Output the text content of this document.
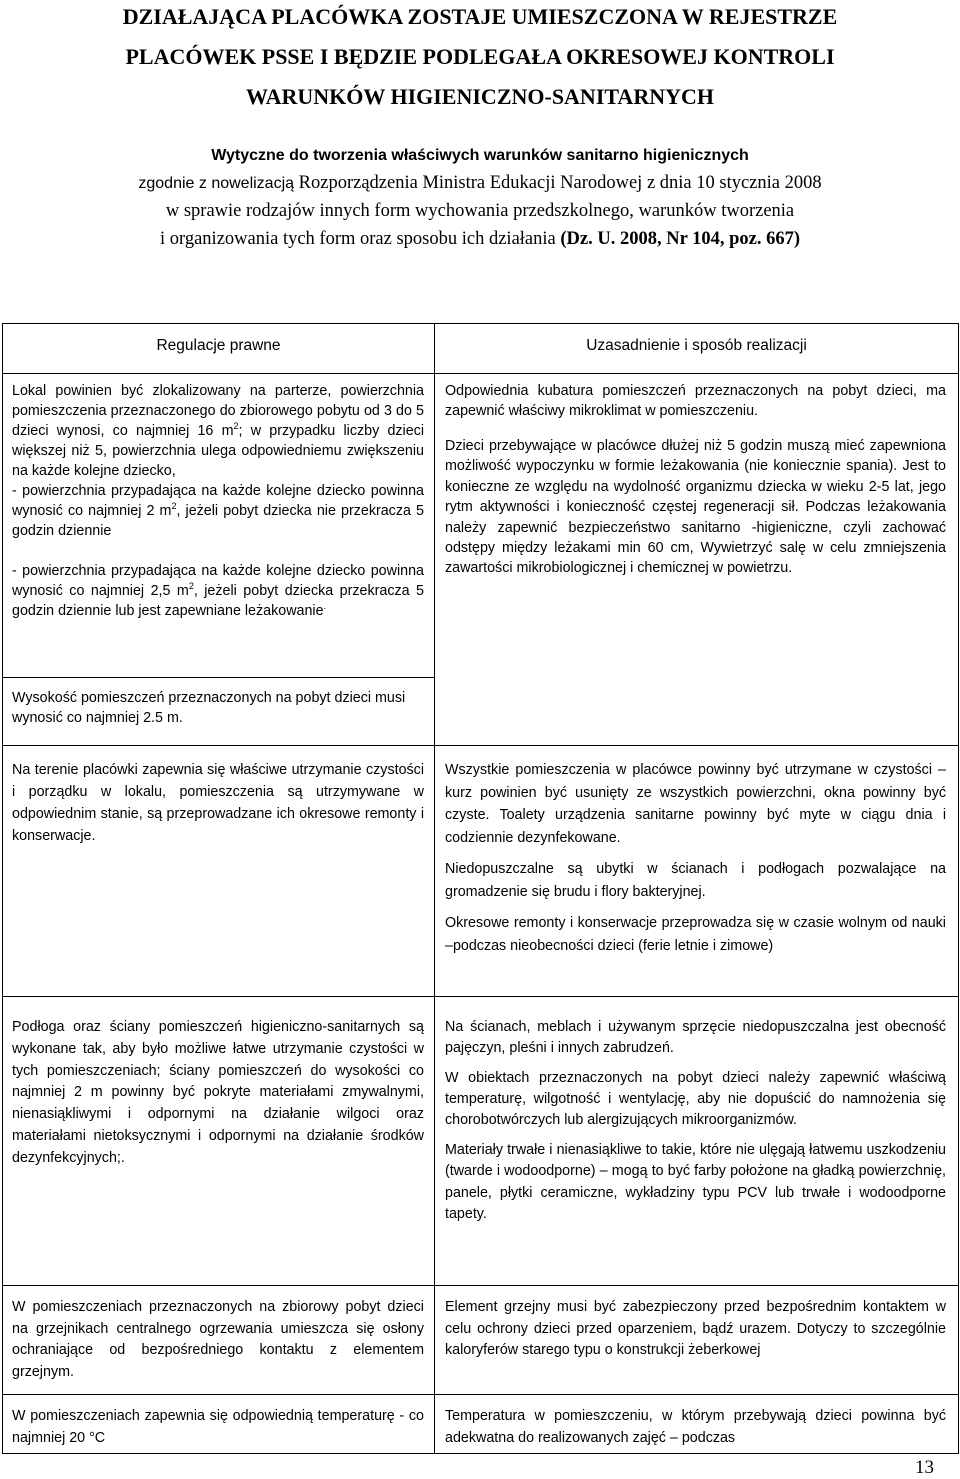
DZIAŁAJĄCA PLACÓWKA ZOSTAJE UMIESZCZONA W REJESTRZE
PLACÓWEK PSSE I BĘDZIE PODLEGAŁA OKRESOWEJ KONTROLI
WARUNKÓW HIGIENICZNO-SANITARNYCH
Wytyczne do tworzenia właściwych warunków sanitarno higienicznych
zgodnie z nowelizacją Rozporządzenia Ministra Edukacji Narodowej z dnia 10 stycznia 2008
w sprawie rodzajów innych form wychowania przedszkolnego, warunków tworzenia
i organizowania tych form oraz sposobu ich działania (Dz. U. 2008, Nr 104, poz. 667)
Regulacje prawne	Uzasadnienie i sposób realizacji

Lokal powinien być zlokalizowany na parterze, powierzchnia pomieszczenia przeznaczonego do zbiorowego pobytu od 3 do 5 dzieci wynosi, co najmniej 16 $m^2$; w przypadku liczby dzieci większej niż 5, powierzchnia ulega odpowiedniemu zwiększeniu na każde kolejne dziecko,
- powierzchnia przypadająca na każde kolejne dziecko powinna wynosić co najmniej 2 $m^2$, jeżeli pobyt dziecka nie przekracza 5 godzin dziennie

- powierzchnia przypadająca na każde kolejne dziecko powinna wynosić co najmniej 2,5 $m^2$, jeżeli pobyt dziecka przekracza 5 godzin dziennie lub jest zapewniane leżakowanie.

Odpowiednia kubatura pomieszczeń przeznaczonych na pobyt dzieci, ma zapewnić właściwy mikroklimat w pomieszczeniu.

Dzieci przebywające w placówce dłużej niż 5 godzin muszą mieć zapewniona możliwość wypoczynku w formie leżakowania (nie koniecznie spania). Jest to konieczne ze względu na wydolność organizmu dziecka w wieku 2-5 lat, jego rytm aktywności i konieczność częstej regeneracji sił. Podczas leżakowania należy zapewnić bezpieczeństwo sanitarno -higieniczne, czyli zachować odstępy między leżakami min 60 cm, Wywietrzyć salę w celu zmniejszenia zawartości mikrobiologicznej i chemicznej w powietrzu.

Wysokość pomieszczeń przeznaczonych na pobyt dzieci musi wynosić co najmniej 2.5 m.
Na terenie placówki zapewnia się właściwe utrzymanie czystości i porządku w lokalu, pomieszczenia są utrzymywane w odpowiednim stanie, są przeprowadzane ich okresowe remonty i konserwacje.

Wszystkie pomieszczenia w placówce powinny być utrzymane w czystości – kurz powinien być usunięty ze wszystkich powierzchni, okna powinny być czyste. Toalety urządzenia sanitarne powinny być myte w ciągu dnia i codziennie dezynfekowane.

Niedopuszczalne są ubytki w ścianach i podłogach pozwalające na gromadzenie się brudu i flory bakteryjnej.

Okresowe remonty i konserwacje przeprowadza się w czasie wolnym od nauki –podczas nieobecności dzieci (ferie letnie i zimowe)

Podłoga oraz ściany pomieszczeń higieniczno-sanitarnych są wykonane tak, aby było możliwe łatwe utrzymanie czystości w tych pomieszczeniach; ściany pomieszczeń do wysokości co najmniej 2 m powinny być pokryte materiałami zmywalnymi, nienasiąkliwymi i odpornymi na działanie wilgoci oraz materiałami nietoksycznymi i odpornymi na działanie środków dezynfekcyjnych;.

Na ścianach, meblach i używanym sprzęcie niedopuszczalna jest obecność pajęczyn, pleśni i innych zabrudzeń.

W obiektach przeznaczonych na pobyt dzieci należy zapewnić właściwą temperaturę, wilgotność i wentylację, aby nie dopuścić do namnożenia się chorobotwórczych lub alergizujących mikroorganizmów.

Materiały trwałe i nienasiąkliwe to takie, które nie ulęgają łatwemu uszkodzeniu (twarde i wodoodporne) – mogą to być farby położone na gładką powierzchnię, panele, płytki ceramiczne, wykładziny typu PCV lub trwałe i wodoodporne tapety.

W pomieszczeniach przeznaczonych na zbiorowy pobyt dzieci na grzejnikach centralnego ogrzewania umieszcza się osłony ochraniające od bezpośredniego kontaktu z elementem grzejnym.
Element grzejny musi być zabezpieczony przed bezpośrednim kontaktem w celu ochrony dzieci przed oparzeniem, bądź urazem. Dotyczy to szczególnie kaloryferów starego typu o konstrukcji żeberkowej
W pomieszczeniach zapewnia się odpowiednią temperaturę - co najmniej 20 °C
Temperatura w pomieszczeniu, w którym przebywają dzieci powinna być adekwatna do realizowanych zajęć – podczas
13
